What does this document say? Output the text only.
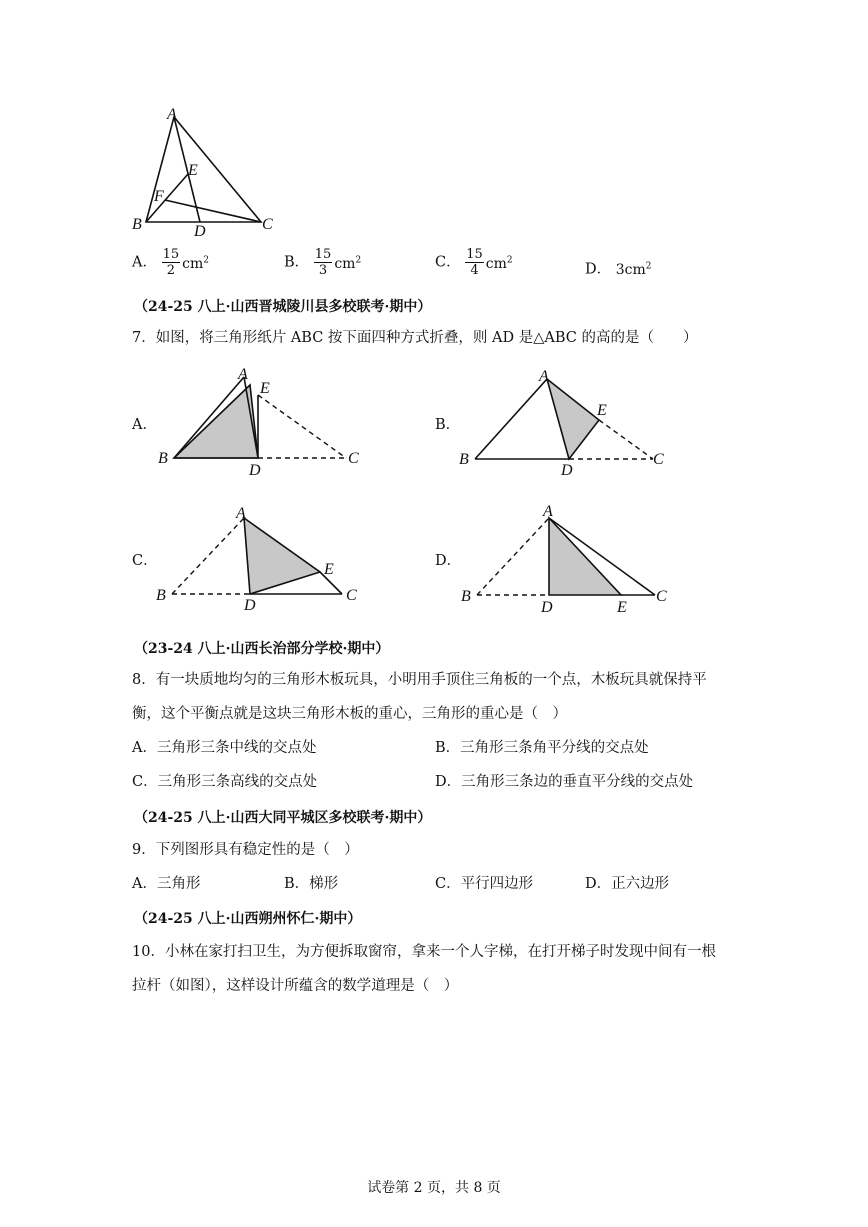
A
B	C
D
E
F
A． $\frac{15}{2} cm^2$	B． $\frac{15}{3} cm^2$	C． $\frac{15}{4} cm^2$
D． $3cm^2$
（24-25 八上·山西晋城陵川县多校联考·期中）
7．如图，将三角形纸片 ABC 按下面四种方式折叠，则 AD 是△ABC 的高的是（　　）
A．	B．
C．	D．
A
E
B
D
C
A
E
B
D
C
A
E
B
D
C
A
B
D	E
C
（23-24 八上·山西长治部分学校·期中）
8．有一块质地均匀的三角形木板玩具，小明用手顶住三角板的一个点，木板玩具就保持平
衡，这个平衡点就是这块三角形木板的重心，三角形的重心是（　）
A．三角形三条中线的交点处	B．三角形三条角平分线的交点处
C．三角形三条高线的交点处	D．三角形三条边的垂直平分线的交点处
（24-25 八上·山西大同平城区多校联考·期中）
9．下列图形具有稳定性的是（　）
A．三角形	B．梯形	C．平行四边形	D．正六边形
（24-25 八上·山西朔州怀仁·期中）
10．小林在家打扫卫生，为方便拆取窗帘，拿来一个人字梯，在打开梯子时发现中间有一根
拉杆（如图），这样设计所蕴含的数学道理是（　）
试卷第 2 页，共 8 页
